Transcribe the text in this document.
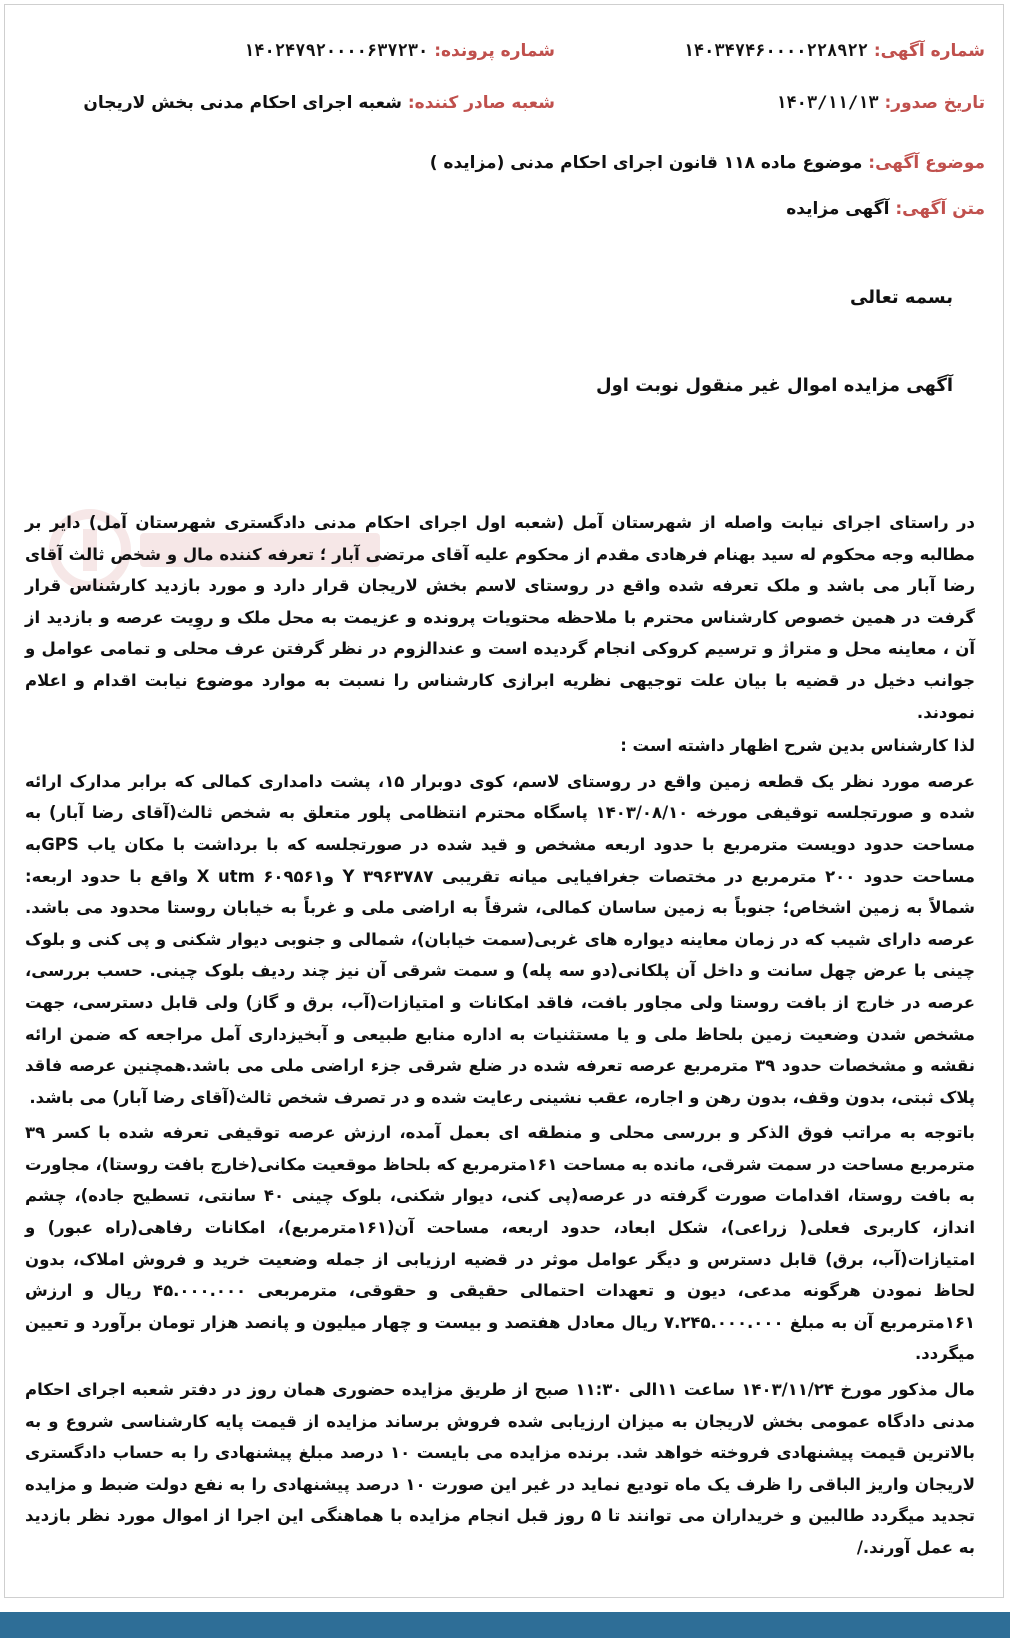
شماره آگهی: ۱۴۰۳۴۷۴۶۰۰۰۰۲۲۸۹۲۲
شماره پرونده: ۱۴۰۲۴۷۹۲۰۰۰۰۶۳۷۲۳۰
تاریخ صدور: ۱۴۰۳/۱۱/۱۳
شعبه صادر کننده: شعبه اجرای احکام مدنی بخش لاریجان
موضوع آگهی: موضوع ماده ۱۱۸ قانون اجرای احکام مدنی (مزایده )
متن آگهی: آگهی مزایده
بسمه تعالی
آگهی مزایده اموال غیر منقول نوبت اول

در راستای اجرای نیابت واصله از شهرستان آمل (شعبه اول اجرای احکام مدنی دادگستری شهرستان آمل) دایر بر مطالبه وجه محکوم له سید بهنام فرهادی مقدم از محکوم علیه آقای مرتضی آبار ؛ تعرفه کننده مال و شخص ثالث آقای رضا آبار می باشد و ملک تعرفه شده واقع در روستای لاسم بخش لاریجان قرار دارد و مورد بازدید کارشناس قرار گرفت در همین خصوص کارشناس محترم با ملاحظه محتویات پرونده و عزیمت به محل ملک و روِیت عرصه و بازدید از آن ، معاینه محل و متراژ و ترسیم کروکی انجام گردیده است و عندالزوم در نظر گرفتن عرف محلی و تمامی عوامل و جوانب دخیل در قضیه با بیان علت توجیهی نظریه ابرازی کارشناس را نسبت به موارد موضوع نیابت اقدام و اعلام نمودند.

لذا کارشناس بدین شرح اظهار داشته است :

عرصه مورد نظر یک قطعه زمین واقع در روستای لاسم، کوی دوبرار ۱۵، پشت دامداری کمالی که برابر مدارک ارائه شده و صورتجلسه توقیفی مورخه ۱۴۰۳/۰۸/۱۰ پاسگاه محترم انتظامی پلور متعلق به شخص ثالث(آقای رضا آبار) به مساحت حدود دویست مترمربع با حدود اربعه مشخص و قید شده در صورتجلسه که با برداشت با مکان یاب GPSبه مساحت حدود ۲۰۰ مترمربع در مختصات جغرافیایی میانه تقریبی Y ۳۹۶۳۷۸۷ وX utm ۶۰۹۵۶۱ واقع با حدود اربعه: شمالاً به زمین اشخاص؛ جنوباً به زمین ساسان کمالی، شرقاً به اراضی ملی و غرباً به خیابان روستا محدود می باشد. عرصه دارای شیب که در زمان معاینه دیواره های غربی(سمت خیابان)، شمالی و جنوبی دیوار شکنی و پی کنی و بلوک چینی با عرض چهل سانت و داخل آن پلکانی(دو سه پله) و سمت شرقی آن نیز چند ردیف بلوک چینی. حسب بررسی، عرصه در خارج از بافت روستا ولی مجاور بافت، فاقد امکانات و امتیازات(آب، برق و گاز) ولی قابل دسترسی، جهت مشخص شدن وضعیت زمین بلحاظ ملی و یا مستثنیات به اداره منابع طبیعی و آبخیزداری آمل مراجعه که ضمن ارائه نقشه و مشخصات حدود ۳۹ مترمربع عرصه تعرفه شده در ضلع شرقی جزء اراضی ملی می باشد.همچنین عرصه فاقد پلاک ثبتی، بدون وقف، بدون رهن و اجاره، عقب نشینی رعایت شده و در تصرف شخص ثالث(آقای رضا آبار) می باشد.

باتوجه به مراتب فوق الذکر و بررسی محلی و منطقه ای بعمل آمده، ارزش عرصه توقیفی تعرفه شده با کسر ۳۹ مترمربع مساحت در سمت شرقی، مانده به مساحت ۱۶۱مترمربع که بلحاظ موقعیت مکانی(خارج بافت روستا)، مجاورت به بافت روستا، اقدامات صورت گرفته در عرصه(پی کنی، دیوار شکنی، بلوک چینی ۴۰ سانتی، تسطیح جاده)، چشم انداز، کاربری فعلی( زراعی)، شکل ابعاد، حدود اربعه، مساحت آن(۱۶۱مترمربع)، امکانات رفاهی(راه عبور) و امتیازات(آب، برق) قابل دسترس و دیگر عوامل موثر در قضیه ارزیابی از جمله وضعیت خرید و فروش املاک، بدون لحاظ نمودن هرگونه مدعی، دیون و تعهدات احتمالی حقیقی و حقوقی، مترمربعی ۴۵.۰۰۰.۰۰۰ ریال و ارزش ۱۶۱مترمربع آن به مبلغ ۷.۲۴۵.۰۰۰.۰۰۰ ریال معادل هفتصد و بیست و چهار میلیون و پانصد هزار تومان برآورد و تعیین میگردد.

مال مذکور مورخ ۱۴۰۳/۱۱/۲۴ ساعت ۱۱الی ۱۱:۳۰ صبح از طریق مزایده حضوری همان روز در دفتر شعبه اجرای احکام مدنی دادگاه عمومی بخش لاریجان به میزان ارزیابی شده فروش برساند مزایده از قیمت پایه کارشناسی شروع و به بالاترین قیمت پیشنهادی فروخته خواهد شد. برنده مزایده می بایست ۱۰ درصد مبلغ پیشنهادی را به حساب دادگستری لاریجان واریز الباقی را ظرف یک ماه توديع نماید در غیر این صورت ۱۰ درصد پیشنهادی را به نفع دولت ضبط و مزایده تجدید میگردد طالبین و خریداران می توانند تا ۵ روز قبل انجام مزایده با هماهنگی این اجرا از اموال مورد نظر بازدید به عمل آورند./
